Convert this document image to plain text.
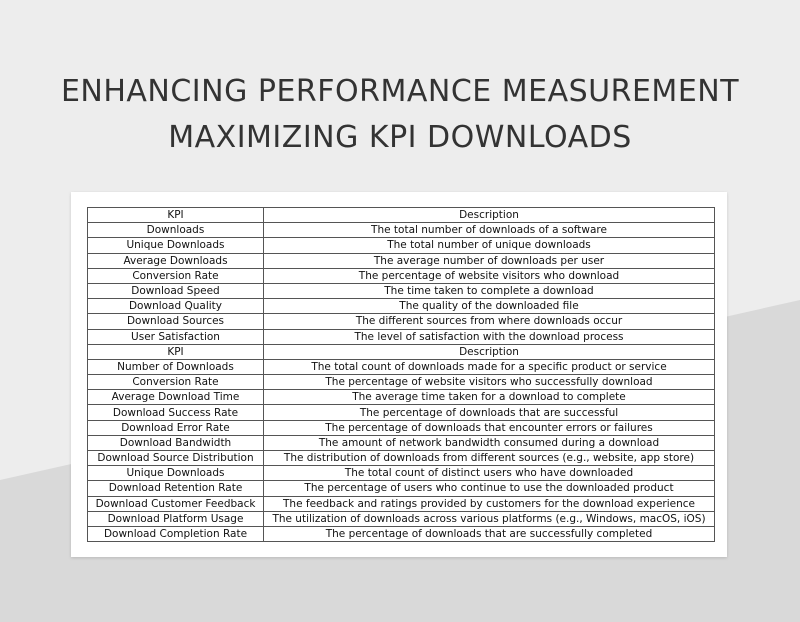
ENHANCING PERFORMANCE MEASUREMENT
MAXIMIZING KPI DOWNLOADS
KPI	Description
Downloads	The total number of downloads of a software
Unique Downloads	The total number of unique downloads
Average Downloads	The average number of downloads per user
Conversion Rate	The percentage of website visitors who download
Download Speed	The time taken to complete a download
Download Quality	The quality of the downloaded file
Download Sources	The different sources from where downloads occur
User Satisfaction	The level of satisfaction with the download process
KPI	Description
Number of Downloads	The total count of downloads made for a specific product or service
Conversion Rate	The percentage of website visitors who successfully download
Average Download Time	The average time taken for a download to complete
Download Success Rate	The percentage of downloads that are successful
Download Error Rate	The percentage of downloads that encounter errors or failures
Download Bandwidth	The amount of network bandwidth consumed during a download
Download Source Distribution	The distribution of downloads from different sources (e.g., website, app store)
Unique Downloads	The total count of distinct users who have downloaded
Download Retention Rate	The percentage of users who continue to use the downloaded product
Download Customer Feedback	The feedback and ratings provided by customers for the download experience
Download Platform Usage	The utilization of downloads across various platforms (e.g., Windows, macOS, iOS)
Download Completion Rate	The percentage of downloads that are successfully completed
